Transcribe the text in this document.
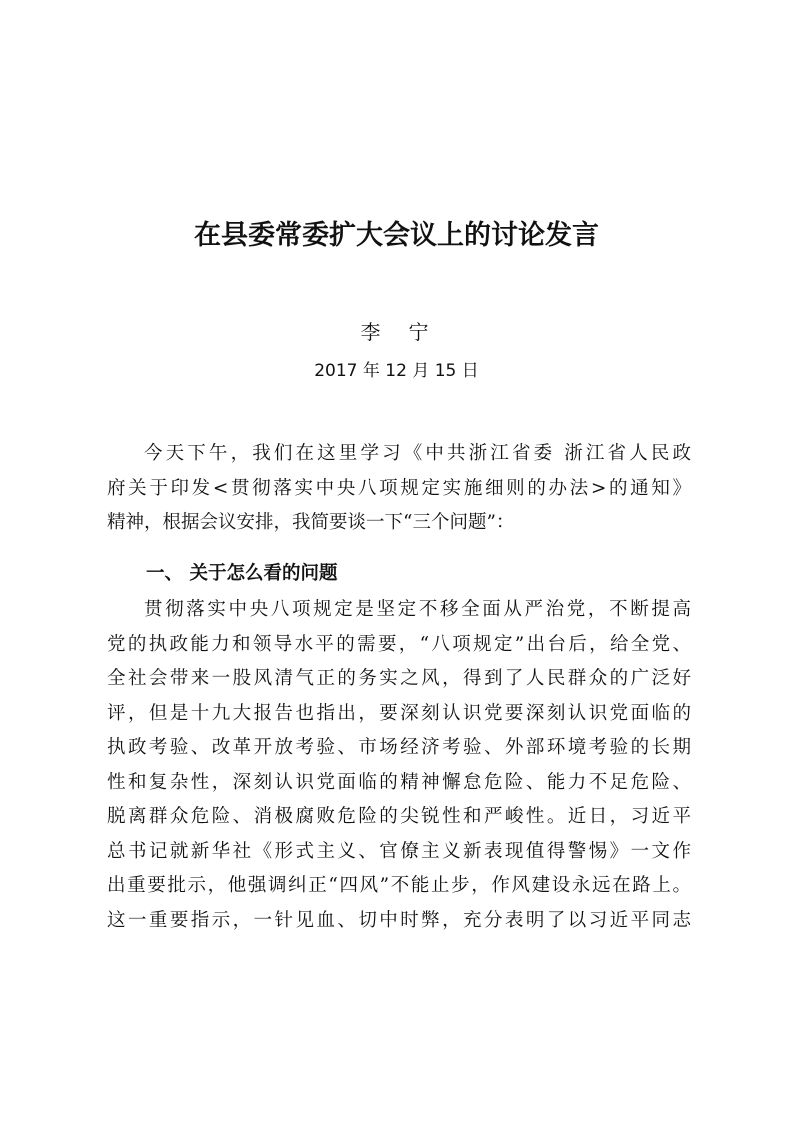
在县委常委扩大会议上的讨论发言
李　宁
2017 年 12 月 15 日
今天下午，我们在这里学习《中共浙江省委 浙江省人民政
府关于印发<贯彻落实中央八项规定实施细则的办法>的通知》
精神，根据会议安排，我简要谈一下“三个问题”：
一、 关于怎么看的问题
贯彻落实中央八项规定是坚定不移全面从严治党，不断提高
党的执政能力和领导水平的需要，“八项规定”出台后，给全党、
全社会带来一股风清气正的务实之风，得到了人民群众的广泛好
评，但是十九大报告也指出，要深刻认识党要深刻认识党面临的
执政考验、改革开放考验、市场经济考验、外部环境考验的长期
性和复杂性，深刻认识党面临的精神懈怠危险、能力不足危险、
脱离群众危险、消极腐败危险的尖锐性和严峻性。近日，习近平
总书记就新华社《形式主义、官僚主义新表现值得警惕》一文作
出重要批示，他强调纠正“四风”不能止步，作风建设永远在路上。
这一重要指示，一针见血、切中时弊，充分表明了以习近平同志
